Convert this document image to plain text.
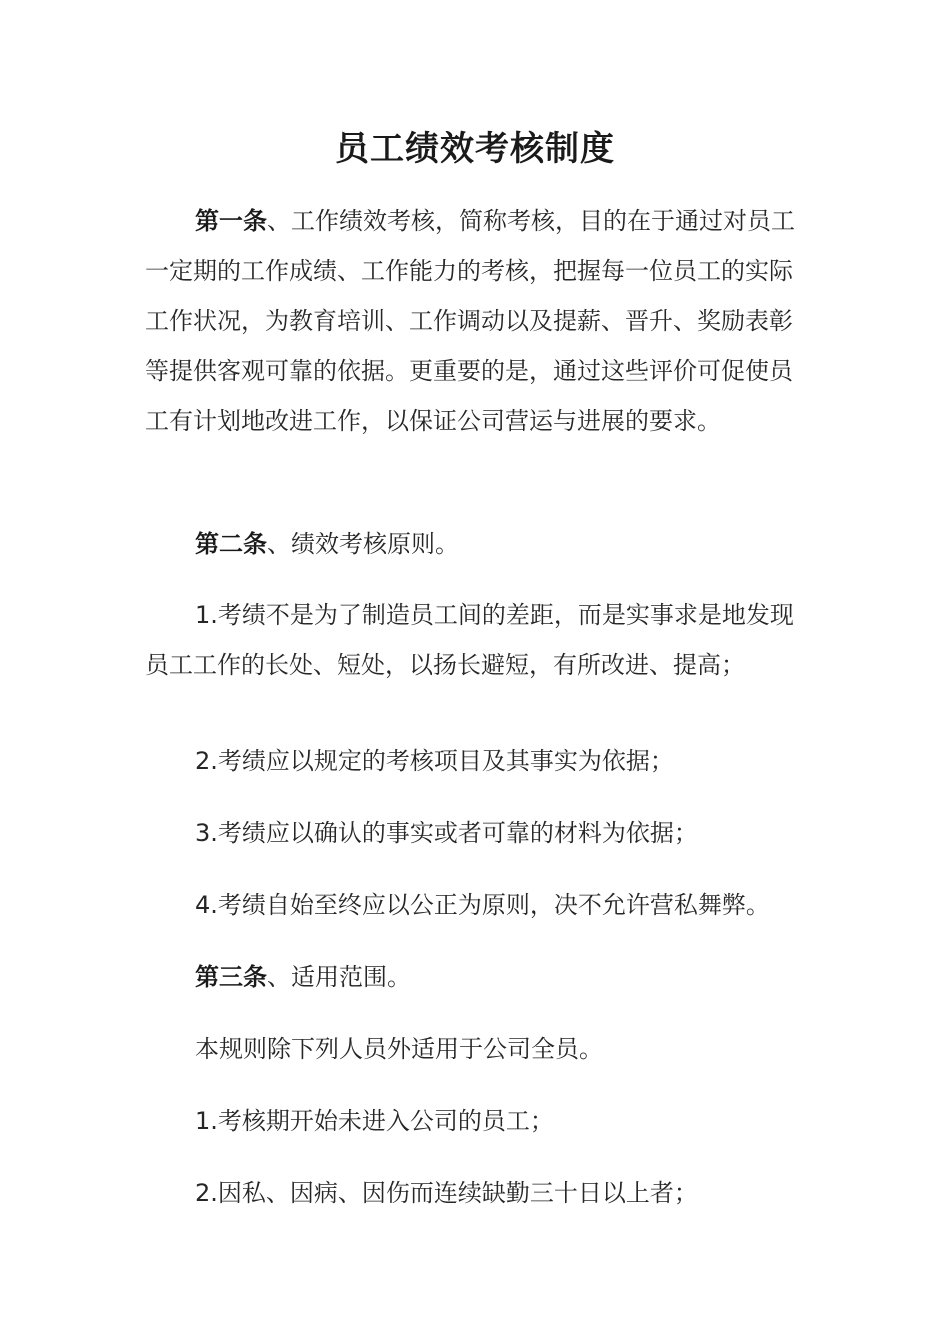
员工绩效考核制度

第一条、工作绩效考核，简称考核，目的在于通过对员工一定期的工作成绩、工作能力的考核，把握每一位员工的实际工作状况，为教育培训、工作调动以及提薪、晋升、奖励表彰等提供客观可靠的依据。更重要的是，通过这些评价可促使员工有计划地改进工作，以保证公司营运与进展的要求。

第二条、绩效考核原则。

1.考绩不是为了制造员工间的差距，而是实事求是地发现员工工作的长处、短处，以扬长避短，有所改进、提高；

2.考绩应以规定的考核项目及其事实为依据；

3.考绩应以确认的事实或者可靠的材料为依据；

4.考绩自始至终应以公正为原则，决不允许营私舞弊。

第三条、适用范围。

本规则除下列人员外适用于公司全员。

1.考核期开始未进入公司的员工；

2.因私、因病、因伤而连续缺勤三十日以上者；
